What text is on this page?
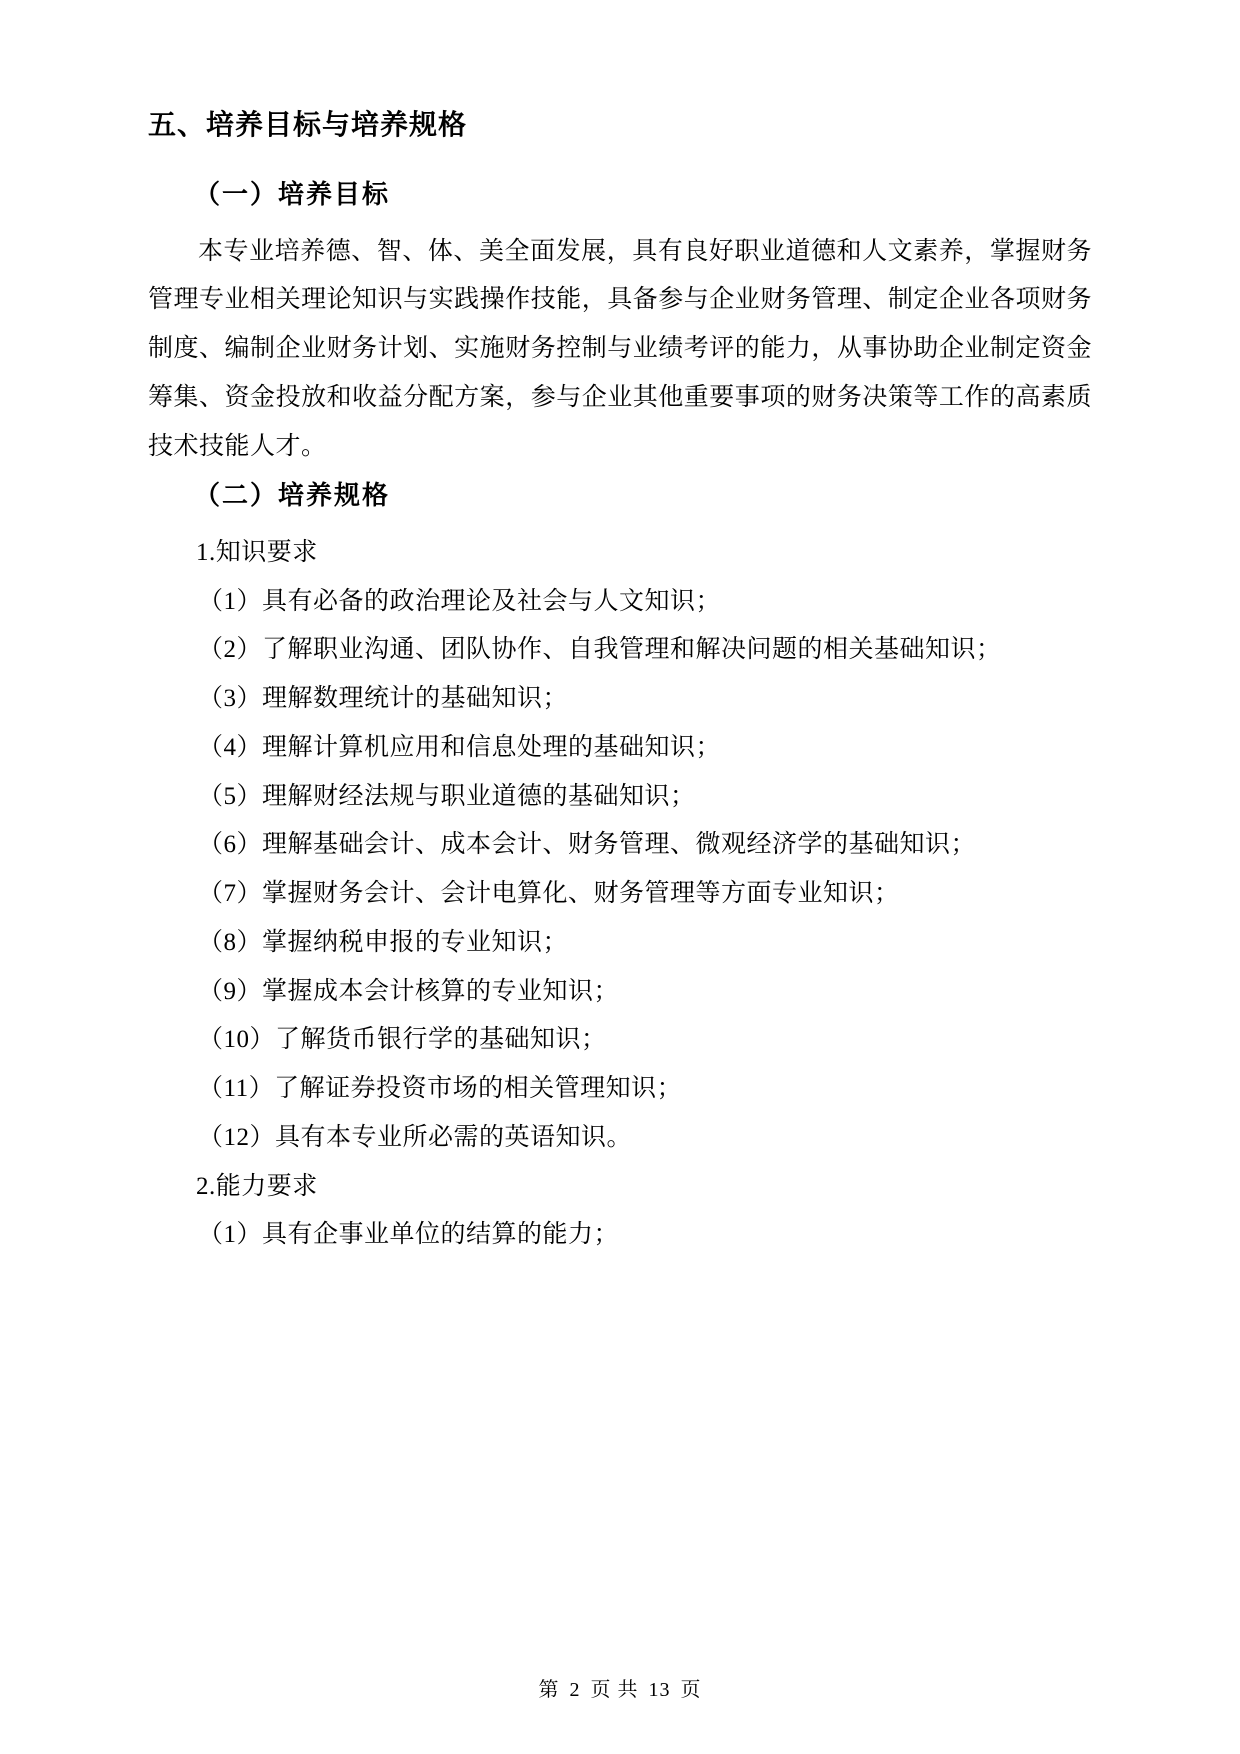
五、培养目标与培养规格
（一）培养目标

本专业培养德、智、体、美全面发展，具有良好职业道德和人文素养，掌握财务管理专业相关理论知识与实践操作技能，具备参与企业财务管理、制定企业各项财务制度、编制企业财务计划、实施财务控制与业绩考评的能力，从事协助企业制定资金筹集、资金投放和收益分配方案，参与企业其他重要事项的财务决策等工作的高素质技术技能人才。

（二）培养规格

1.知识要求

（1）具有必备的政治理论及社会与人文知识；

（2）了解职业沟通、团队协作、自我管理和解决问题的相关基础知识；

（3）理解数理统计的基础知识；

（4）理解计算机应用和信息处理的基础知识；

（5）理解财经法规与职业道德的基础知识；

（6）理解基础会计、成本会计、财务管理、微观经济学的基础知识；

（7）掌握财务会计、会计电算化、财务管理等方面专业知识；

（8）掌握纳税申报的专业知识；

（9）掌握成本会计核算的专业知识；

（10）了解货币银行学的基础知识；

（11）了解证券投资市场的相关管理知识；

（12）具有本专业所必需的英语知识。

2.能力要求

（1）具有企事业单位的结算的能力；

第 2 页 共 13 页
